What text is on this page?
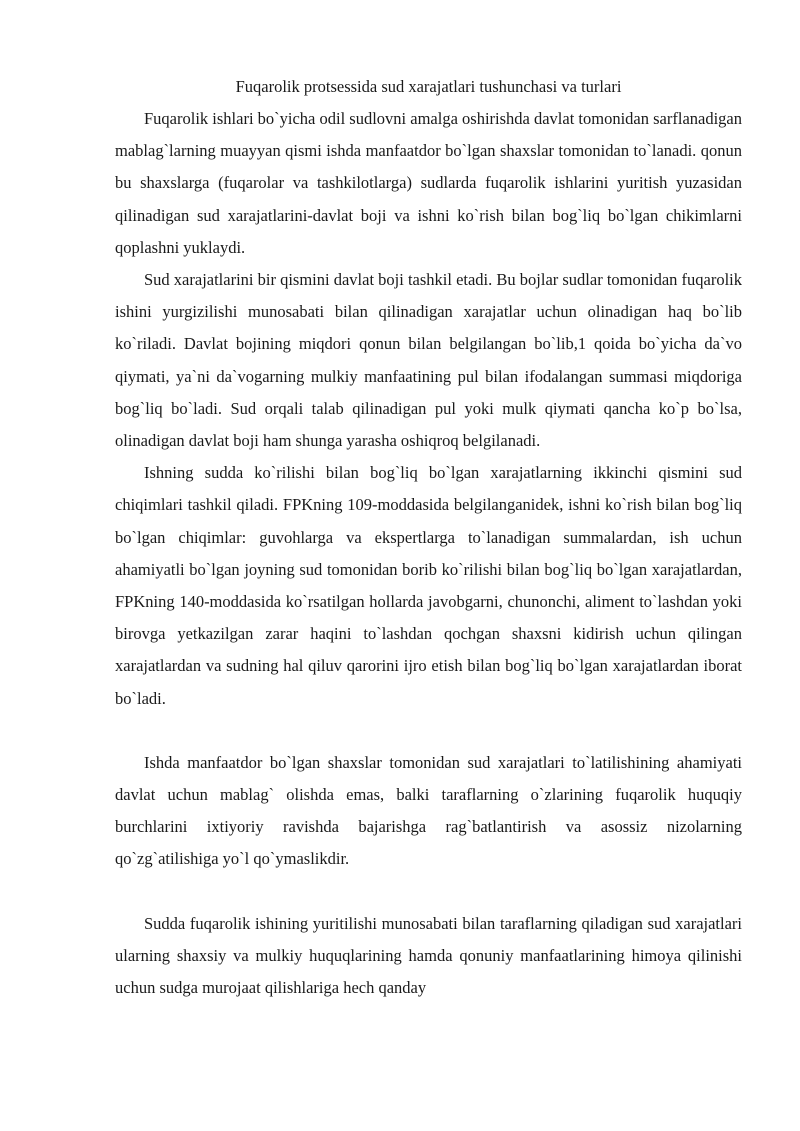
Fuqarolik protsessida sud xarajatlari tushunchasi va turlari

Fuqarolik ishlari bo`yicha odil sudlovni amalga oshirishda davlat tomonidan sarflanadigan mablag`larning muayyan qismi ishda manfaatdor bo`lgan shaxslar tomonidan to`lanadi. qonun bu shaxslarga (fuqarolar va tashkilotlarga) sudlarda fuqarolik ishlarini yuritish yuzasidan qilinadigan sud xarajatlarini-davlat boji va ishni ko`rish bilan bog`liq bo`lgan chikimlarni qoplashni yuklaydi.

Sud xarajatlarini bir qismini davlat boji tashkil etadi. Bu bojlar sudlar tomonidan fuqarolik ishini yurgizilishi munosabati bilan qilinadigan xarajatlar uchun olinadigan haq bo`lib ko`riladi. Davlat bojining miqdori qonun bilan belgilangan bo`lib,1 qoida bo`yicha da`vo qiymati, ya`ni da`vogarning mulkiy manfaatining pul bilan ifodalangan summasi miqdoriga bog`liq bo`ladi. Sud orqali talab qilinadigan pul yoki mulk qiymati qancha ko`p bo`lsa, olinadigan davlat boji ham shunga yarasha oshiqroq belgilanadi.

Ishning sudda ko`rilishi bilan bog`liq bo`lgan xarajatlarning ikkinchi qismini sud chiqimlari tashkil qiladi. FPKning 109-moddasida belgilanganidek, ishni ko`rish bilan bog`liq bo`lgan chiqimlar: guvohlarga va ekspertlarga to`lanadigan summalardan, ish uchun ahamiyatli bo`lgan joyning sud tomonidan borib ko`rilishi bilan bog`liq bo`lgan xarajatlardan, FPKning 140-moddasida ko`rsatilgan hollarda javobgarni, chunonchi, aliment to`lashdan yoki birovga yetkazilgan zarar haqini to`lashdan qochgan shaxsni kidirish uchun qilingan xarajatlardan va sudning hal qiluv qarorini ijro etish bilan bog`liq bo`lgan xarajatlardan iborat bo`ladi.

Ishda manfaatdor bo`lgan shaxslar tomonidan sud xarajatlari to`latilishining ahamiyati davlat uchun mablag` olishda emas, balki taraflarning o`zlarining fuqarolik huquqiy burchlarini ixtiyoriy ravishda bajarishga rag`batlantirish va asossiz nizolarning qo`zg`atilishiga yo`l qo`ymaslikdir.

Sudda fuqarolik ishining yuritilishi munosabati bilan taraflarning qiladigan sud xarajatlari ularning shaxsiy va mulkiy huquqlarining hamda qonuniy manfaatlarining himoya qilinishi uchun sudga murojaat qilishlariga hech qanday
